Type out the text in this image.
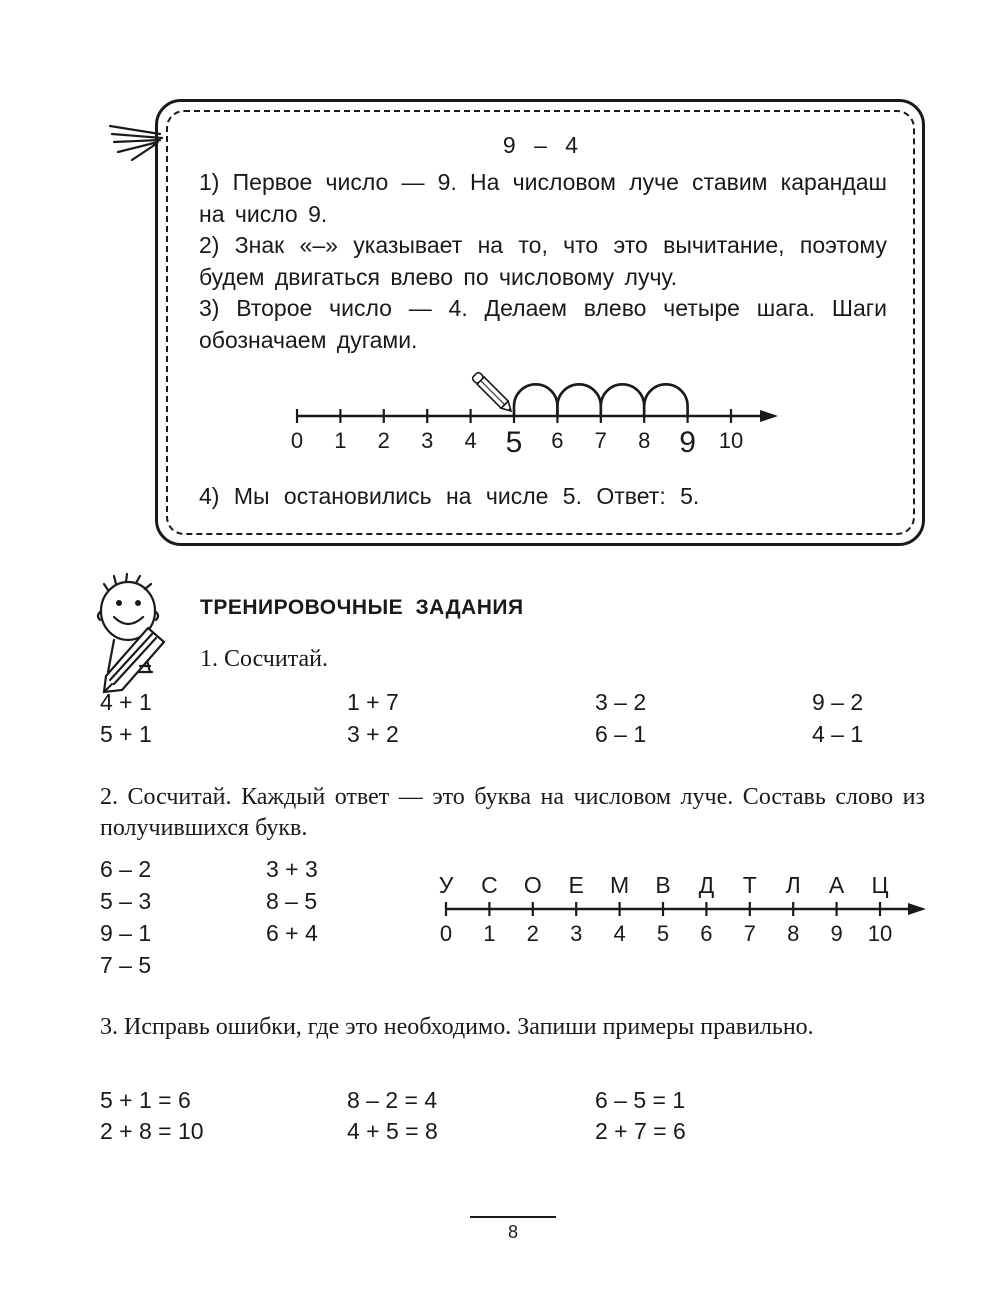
9 – 4

1) Первое число — 9. На числовом луче ставим карандаш на число 9.

2) Знак «–» указывает на то, что это вычитание, поэтому будем двигаться влево по числовому лучу.

3) Второе число — 4. Делаем влево четыре шага. Шаги обозначаем дугами.

0 1 2 3 4 5 6 7 8 9 10
4) Мы остановились на числе 5. Ответ: 5.
ТРЕНИРОВОЧНЫЕ ЗАДАНИЯ
1. Сосчитай.
4 + 1
5 + 1
1 + 7
3 + 2
3 – 2
6 – 1
9 – 2
4 – 1
2. Сосчитай. Каждый ответ — это буква на числовом луче. Составь слово из получившихся букв.
6 – 2
5 – 3
9 – 1
7 – 5
3 + 3
8 – 5
6 + 4
У С О Е М В Д Т Л А Ц
0 1 2 3 4 5 6 7 8 9 10
3. Исправь ошибки, где это необходимо. Запиши примеры правильно.
5 + 1 = 6
2 + 8 = 10
8 – 2 = 4
4 + 5 = 8
6 – 5 = 1
2 + 7 = 6
8
